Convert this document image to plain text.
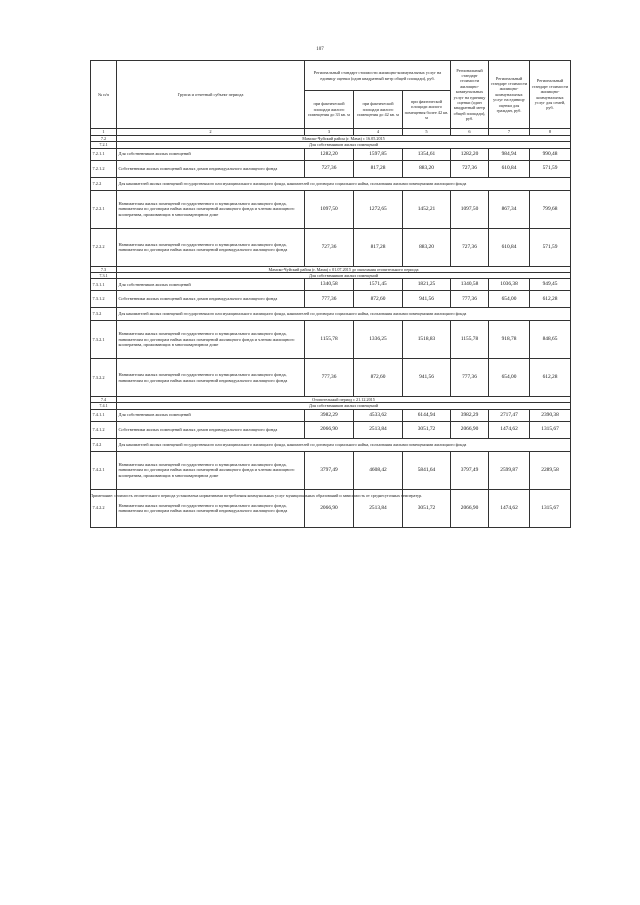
107
№ п/п	Группа и отчетный субъект периода	Региональный стандарт стоимости жилищно-коммунальных услуг на единицу оценки (один квадратный метр общей площади), руб.			Региональный стандарт стоимости жилищно-коммунальных услуг на единицу оценки (один квадратный метр общей площади), руб.	Региональный стандарт стоимости жилищно-коммунальных услуг на единицу оценки для граждан, руб.	Региональный стандарт стоимости жилищно-коммунальных услуг для семей, руб.
		при фактической площади жилого помещения до 33 кв. м	при фактической площади жилого помещения до 42 кв. м	при фактической площади жилого помещения более 42 кв. м			
1	2	3	4	5	6	7	8
7.2	Мамско-Чуйский район (г. Мама) с 16.05.2015						
7.2.1	Для собственников жилых помещений						
7.2.1.1	Для собственников жилых помещений	1282,20	1597,85	1354,61	1282,20	984,94	990,48
7.2.1.2	Собственники жилых помещений жилых домов индивидуального жилищного фонда	727,36	817,28	883,20	727,36	610,84	571,59
7.2.2	Для нанимателей жилых помещений государственного или муниципального жилищного фонда, нанимателей по договорам социального найма, пользования жилыми помещениями жилищного фонда						
7.2.2.1	Нанимателям жилых помещений государственного и муниципального жилищного фонда, нанимателям по договорам найма жилых помещений жилищного фонда и членам жилищного кооператива, проживающих в многоквартирном доме	1097,50	1272,65	1452,21	1097,50	867,34	799,68
7.2.2.2	Нанимателям жилых помещений государственного и муниципального жилищного фонда, нанимателям по договорам найма жилых помещений индивидуального жилищного фонда	727,36	817,28	883,20	727,36	610,84	571,59
7.3	Мамско-Чуйский район (г. Мама) с 01.07.2015 до окончания отопительного периода						
7.3.1	Для собственников жилых помещений						
7.3.1.1	Для собственников жилых помещений	1340,58	1571,45	1821,25	1340,58	1036,38	949,45
7.3.1.2	Собственники жилых помещений жилых домов индивидуального жилищного фонда	777,36	872,60	941,56	777,36	654,00	612,28
7.3.2	Для нанимателей жилых помещений государственного или муниципального жилищного фонда, нанимателей по договорам социального найма, пользования жилыми помещениями жилищного фонда						
7.3.2.1	Нанимателям жилых помещений государственного и муниципального жилищного фонда, нанимателям по договорам найма жилых помещений жилищного фонда и членам жилищного кооператива, проживающих в многоквартирном доме	1155,78	1336,25	1518,83	1155,78	918,78	848,65
7.3.2.2	Нанимателям жилых помещений государственного и муниципального жилищного фонда, нанимателям по договорам найма жилых помещений индивидуального жилищного фонда	777,36	872,60	941,56	777,36	654,00	612,28
7.4	Отопительный период с 21.12.2015						
7.4.1	Для собственников жилых помещений						
7.4.1.1	Для собственников жилых помещений	3982,29	4533,62	6144,94	3982,29	2717,47	2390,38
7.4.1.2	Собственники жилых помещений жилых домов индивидуального жилищного фонда	2066,90	2513,84	3051,72	2066,90	1474,62	1315,67
7.4.2	Для нанимателей жилых помещений государственного или муниципального жилищного фонда, нанимателей по договорам социального найма, пользования жилыми помещениями жилищного фонда						
7.4.2.1	Нанимателям жилых помещений государственного и муниципального жилищного фонда, нанимателям по договорам найма жилых помещений жилищного фонда и членам жилищного кооператива, проживающих в многоквартирном доме	3797,49	4608,42	5841,64	3797,49	2599,87	2289,58
7.4.2.2	Нанимателям жилых помещений государственного и муниципального жилищного фонда, нанимателям по договорам найма жилых помещений индивидуального жилищного фонда	2066,90	2513,84	3051,72	2066,90	1474,62	1315,67
Примечание: стоимость отопительного периода установлена нормативами потребления коммунальных услуг муниципальных образований и зависимость от среднесуточных температур.
